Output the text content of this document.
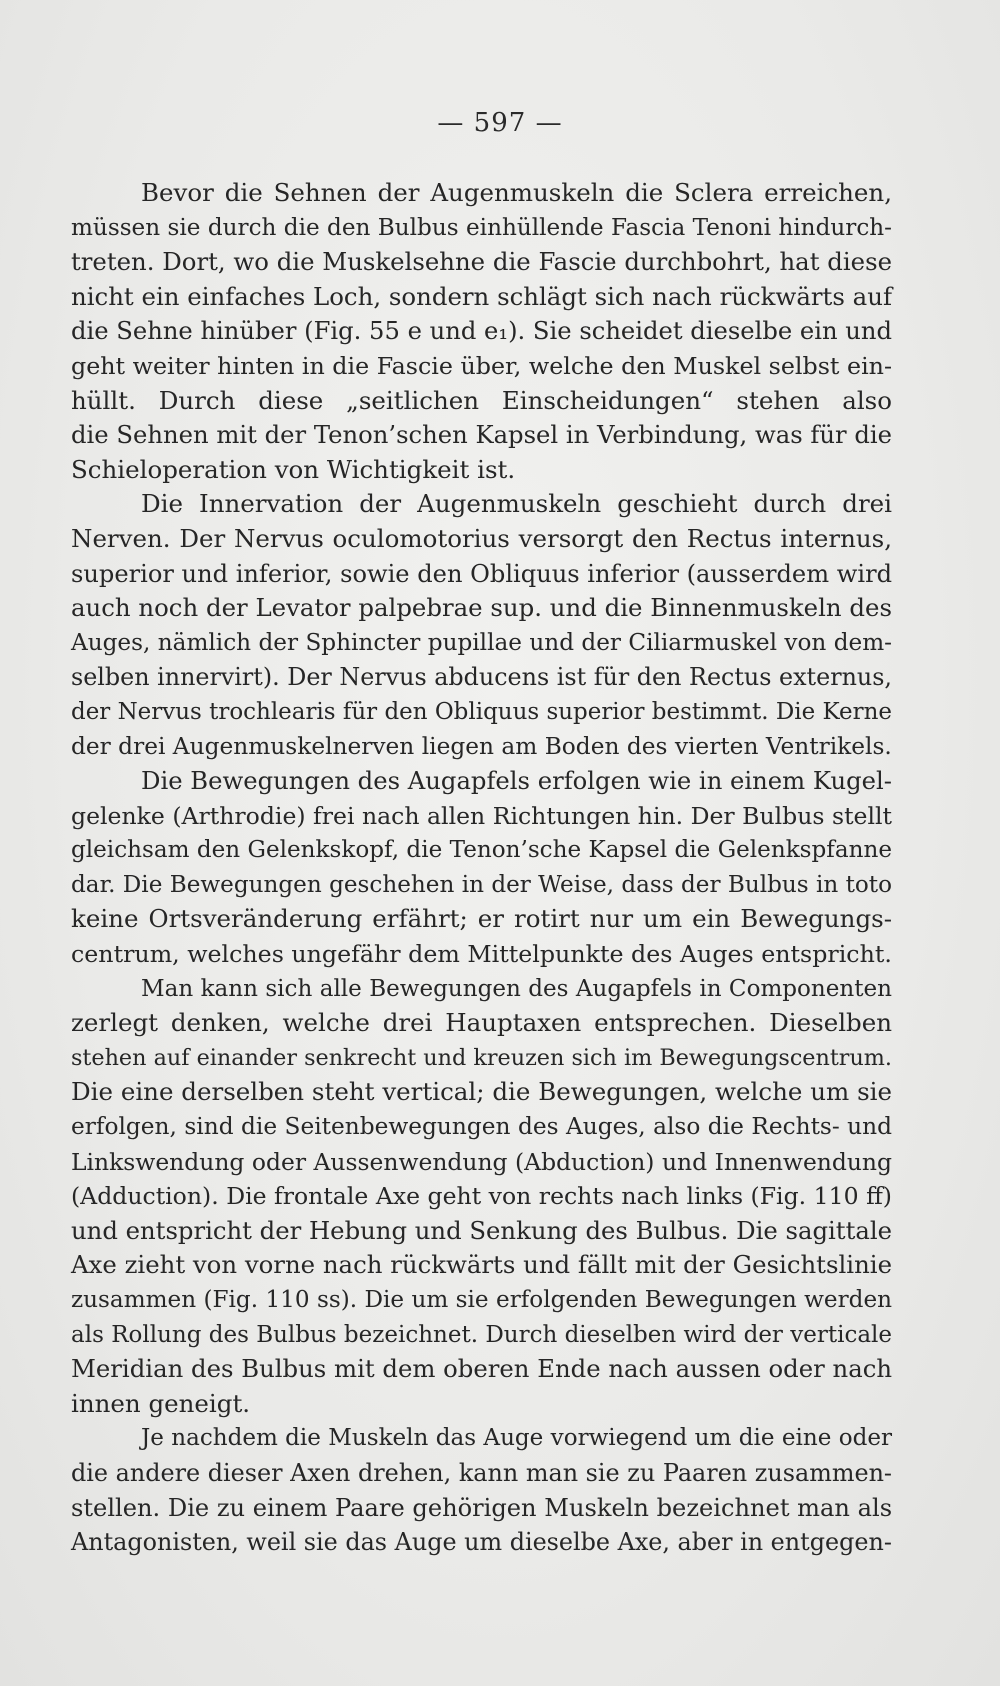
— 597 —

Bevor die Sehnen der Augenmuskeln die Sclera erreichen,
müssen sie durch die den Bulbus einhüllende Fascia Tenoni hindurch-
treten. Dort, wo die Muskelsehne die Fascie durchbohrt, hat diese
nicht ein einfaches Loch, sondern schlägt sich nach rückwärts auf
die Sehne hinüber (Fig. 55 e und e₁). Sie scheidet dieselbe ein und
geht weiter hinten in die Fascie über, welche den Muskel selbst ein-
hüllt. Durch diese „seitlichen Einscheidungen“ stehen also
die Sehnen mit der Tenon’schen Kapsel in Verbindung, was für die
Schieloperation von Wichtigkeit ist.

Die Innervation der Augenmuskeln geschieht durch drei
Nerven. Der Nervus oculomotorius versorgt den Rectus internus,
superior und inferior, sowie den Obliquus inferior (ausserdem wird
auch noch der Levator palpebrae sup. und die Binnenmuskeln des
Auges, nämlich der Sphincter pupillae und der Ciliarmuskel von dem-
selben innervirt). Der Nervus abducens ist für den Rectus externus,
der Nervus trochlearis für den Obliquus superior bestimmt. Die Kerne
der drei Augenmuskelnerven liegen am Boden des vierten Ventrikels.

Die Bewegungen des Augapfels erfolgen wie in einem Kugel-
gelenke (Arthrodie) frei nach allen Richtungen hin. Der Bulbus stellt
gleichsam den Gelenkskopf, die Tenon’sche Kapsel die Gelenkspfanne
dar. Die Bewegungen geschehen in der Weise, dass der Bulbus in toto
keine Ortsveränderung erfährt; er rotirt nur um ein Bewegungs-
centrum, welches ungefähr dem Mittelpunkte des Auges entspricht.

Man kann sich alle Bewegungen des Augapfels in Componenten
zerlegt denken, welche drei Hauptaxen entsprechen. Dieselben
stehen auf einander senkrecht und kreuzen sich im Bewegungscentrum.
Die eine derselben steht vertical; die Bewegungen, welche um sie
erfolgen, sind die Seitenbewegungen des Auges, also die Rechts- und
Linkswendung oder Aussenwendung (Abduction) und Innenwendung
(Adduction). Die frontale Axe geht von rechts nach links (Fig. 110 ff)
und entspricht der Hebung und Senkung des Bulbus. Die sagittale
Axe zieht von vorne nach rückwärts und fällt mit der Gesichtslinie
zusammen (Fig. 110 ss). Die um sie erfolgenden Bewegungen werden
als Rollung des Bulbus bezeichnet. Durch dieselben wird der verticale
Meridian des Bulbus mit dem oberen Ende nach aussen oder nach
innen geneigt.

Je nachdem die Muskeln das Auge vorwiegend um die eine oder
die andere dieser Axen drehen, kann man sie zu Paaren zusammen-
stellen. Die zu einem Paare gehörigen Muskeln bezeichnet man als
Antagonisten, weil sie das Auge um dieselbe Axe, aber in entgegen-
